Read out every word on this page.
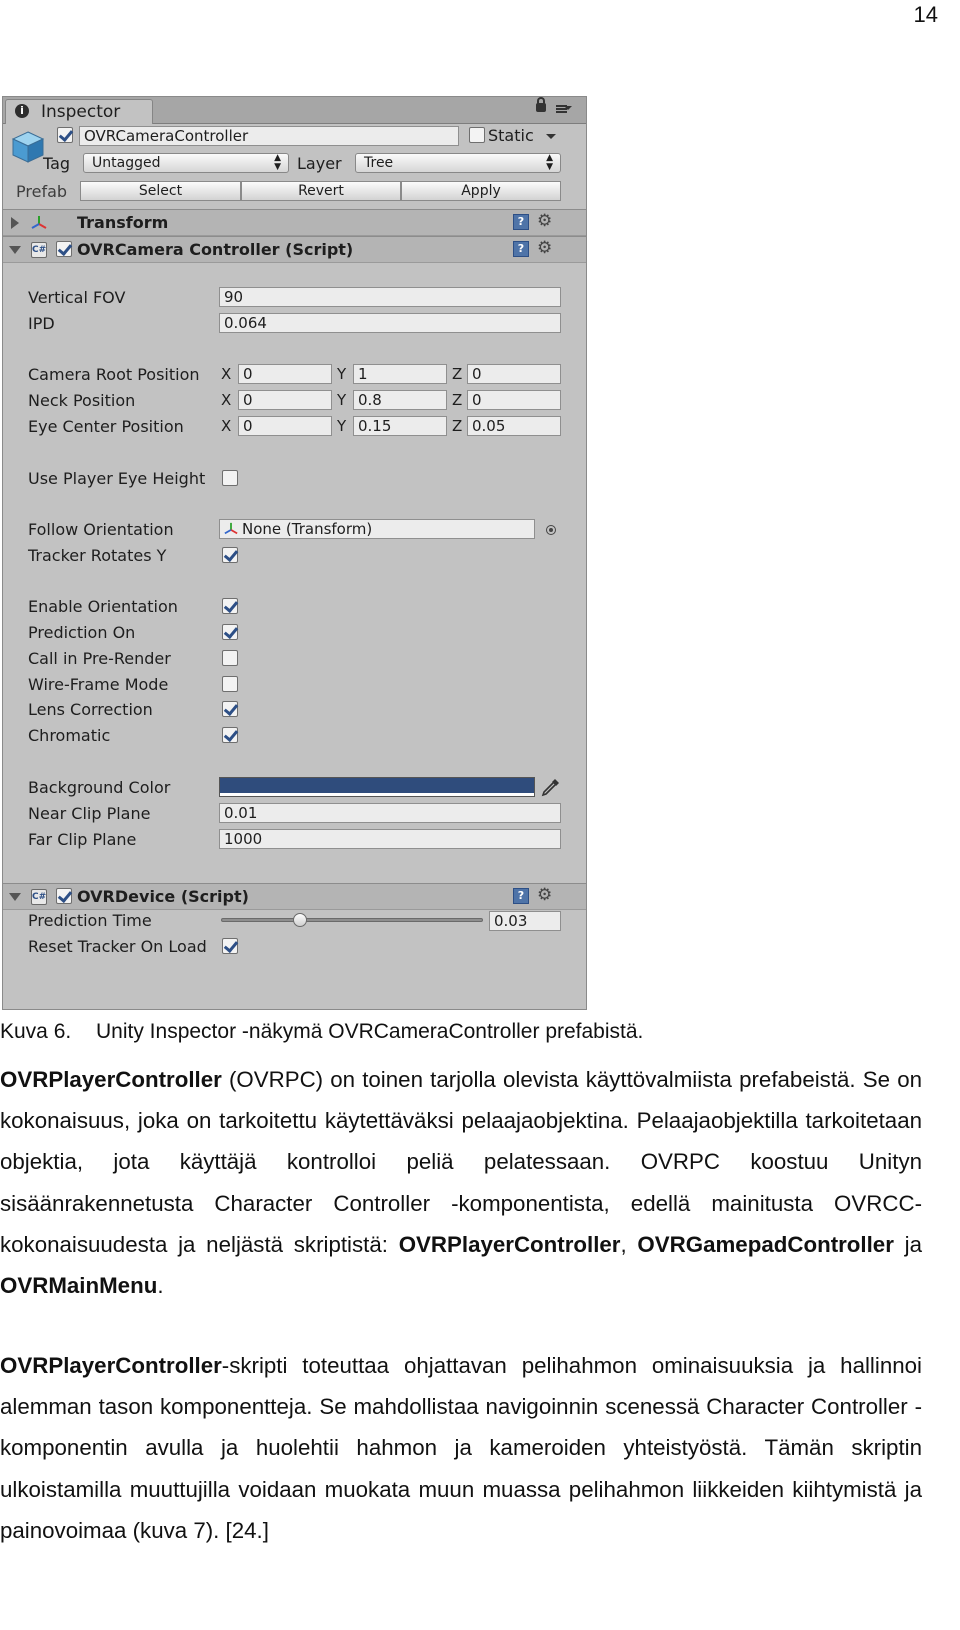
14
i	Inspector
OVRCameraController	Static
Tag	Untagged	▲
▼ Layer	Tree	▲
▼
Prefab	Select	Revert	Apply
Transform	? ⚙
C# OVRCamera Controller (Script)	? ⚙
Vertical FOV	90
IPD	0.064
Camera Root Position X 0	Y 1	Z 0
Neck Position	X 0	Y 0.8	Z 0
Eye Center Position X 0	Y 0.15	Z 0.05
Use Player Eye Height
Follow Orientation	None (Transform)
Tracker Rotates Y
Enable Orientation
Prediction On
Call in Pre-Render
Wire-Frame Mode
Lens Correction
Chromatic
Background Color
Near Clip Plane	0.01
Far Clip Plane	1000
C# OVRDevice (Script)	? ⚙
Prediction Time	0.03
Reset Tracker On Load
Kuva 6. Unity Inspector -näkymä OVRCameraController prefabistä.
OVRPlayerController (OVRPC) on toinen tarjolla olevista käyttövalmiista prefabeistä. Se on kokonaisuus, joka on tarkoitettu käytettäväksi pelaajaobjektina. Pelaajaobjektilla tarkoitetaan objektia, jota käyttäjä kontrolloi peliä pelatessaan. OVRPC koostuu Unityn sisäänrakennetusta Character Controller -komponentista, edellä mainitusta OVRCC-kokonaisuudesta ja neljästä skriptistä: OVRPlayerController, OVRGamepadController ja OVRMainMenu.
OVRPlayerController-skripti toteuttaa ohjattavan pelihahmon ominaisuuksia ja hallinnoi alemman tason komponentteja. Se mahdollistaa navigoinnin scenessä Character Controller -komponentin avulla ja huolehtii hahmon ja kameroiden yhteistyöstä. Tämän skriptin ulkoistamilla muuttujilla voidaan muokata muun muassa pelihahmon liikkeiden kiihtymistä ja painovoimaa (kuva 7). [24.]
